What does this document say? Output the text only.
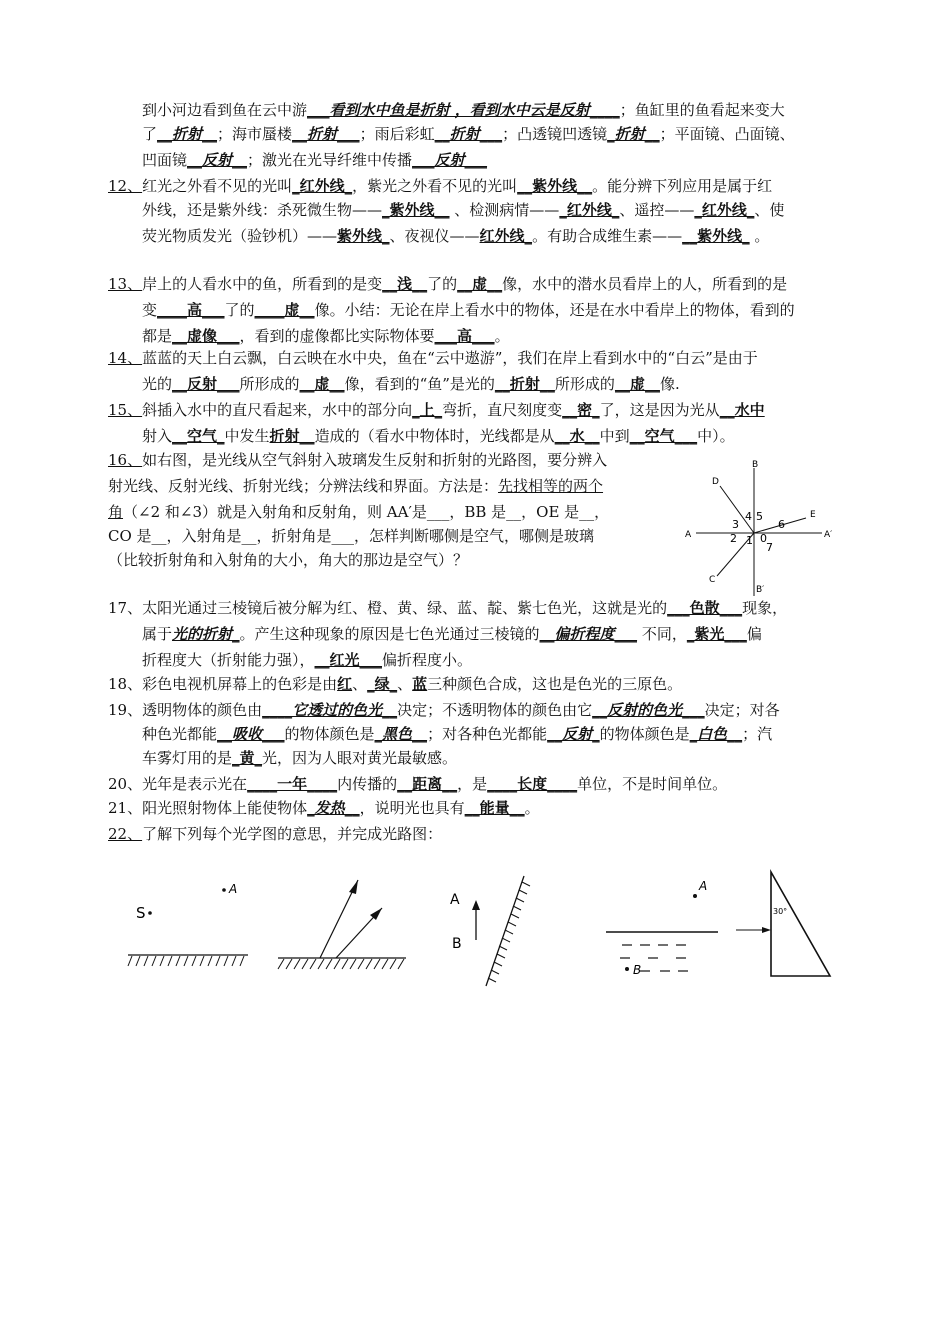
到小河边看到鱼在云中游___看到水中鱼是折射 ，看到水中云是反射____；鱼缸里的鱼看起来变大
了__折射__；海市蜃楼__折射___；雨后彩虹__折射___；凸透镜凹透镜_折射__；平面镜、凸面镜、
凹面镜__反射__；激光在光导纤维中传播___反射___
12、红光之外看不见的光叫_红外线_，紫光之外看不见的光叫__紫外线__。能分辨下列应用是属于红
外线，还是紫外线：杀死微生物——_紫外线__ 、检测病情——_红外线_、遥控——_红外线_、使
荧光物质发光（验钞机）——紫外线_、夜视仪——红外线_。有助合成维生素——__紫外线_ 。
13、岸上的人看水中的鱼，所看到的是变__浅__了的__虚__像，水中的潜水员看岸上的人，所看到的是
变____高___了的____虚__像。小结：无论在岸上看水中的物体，还是在水中看岸上的物体，看到的
都是__虚像___，看到的虚像都比实际物体要___高___。
14、蓝蓝的天上白云飘，白云映在水中央，鱼在“云中遨游”，我们在岸上看到水中的“白云”是由于
光的__反射___所形成的__虚__像，看到的“鱼”是光的__折射__所形成的__虚__像.
15、斜插入水中的直尺看起来，水中的部分向_上_弯折，直尺刻度变__密_了，这是因为光从__水中
射入__空气_中发生折射__造成的（看水中物体时，光线都是从__水__中到__空气___中）。
16、如右图，是光线从空气斜射入玻璃发生反射和折射的光路图，要分辨入
射光线、反射光线、折射光线；分辨法线和界面。方法是：先找相等的两个
角（∠2 和∠3）就是入射角和反射角，则 AA′是___，BB 是__，OE 是__，
CO 是__，入射角是__，折射角是___，怎样判断哪侧是空气，哪侧是玻璃
（比较折射角和入射角的大小，角大的那边是空气）？
17、太阳光通过三棱镜后被分解为红、橙、黄、绿、蓝、靛、紫七色光，这就是光的___色散___现象，
属于光的折射_。产生这种现象的原因是七色光通过三棱镜的__偏折程度___ 不同，_紫光___偏
折程度大（折射能力强），__红光___偏折程度小。
18、彩色电视机屏幕上的色彩是由红、_绿_、蓝三种颜色合成，这也是色光的三原色。
19、透明物体的颜色由____它透过的色光__决定；不透明物体的颜色由它__反射的色光___决定；对各
种色光都能__吸收___的物体颜色是_黑色__；对各种色光都能__反射_的物体颜色是_白色__；汽
车雾灯用的是_黄_光，因为人眼对黄光最敏感。
20、光年是表示光在____一年____内传播的__距离__，是____长度____单位，不是时间单位。
21、阳光照射物体上能使物体_发热__，说明光也具有__能量__。
22、了解下列每个光学图的意思，并完成光路图：
B
D
E
A	A′
C
B′
3
4 5
6
2 1 0
7
S
A
A
B
A
B
30°
